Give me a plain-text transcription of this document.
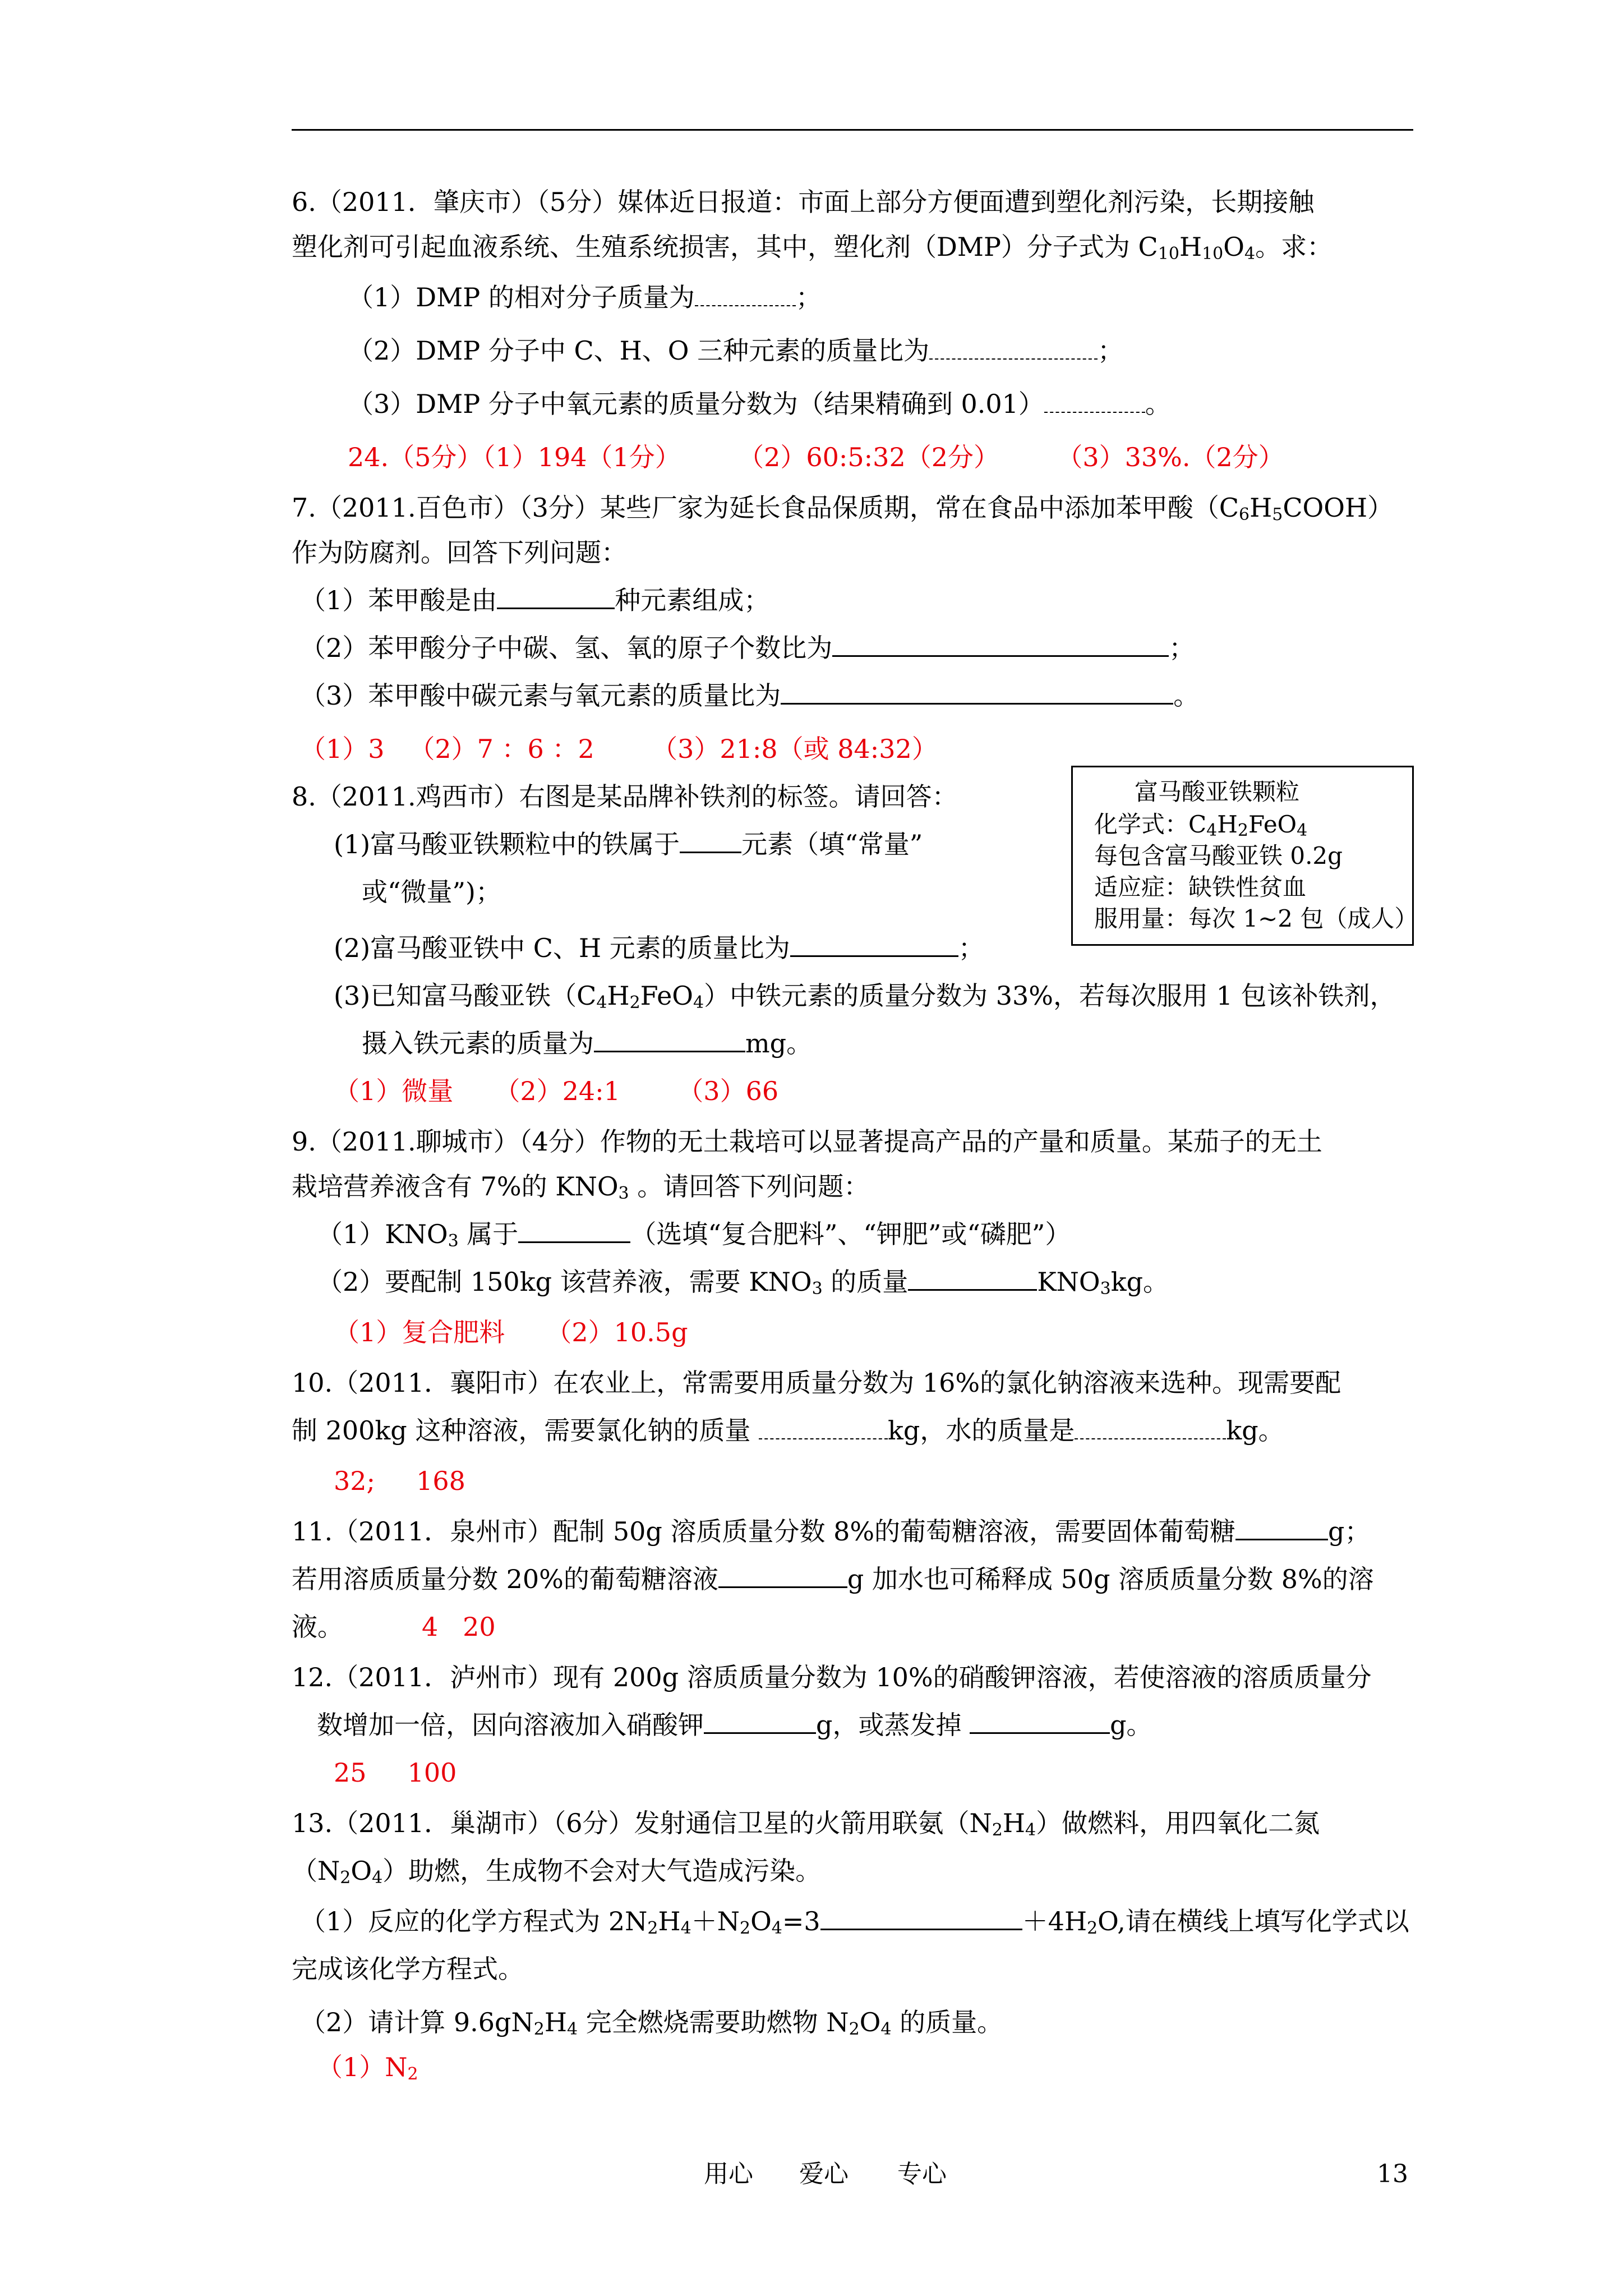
6.（2011．肇庆市）（5分）媒体近日报道：市面上部分方便面遭到塑化剂污染，长期接触
塑化剂可引起血液系统、生殖系统损害，其中，塑化剂（DMP）分子式为 $C_{10}H_{10}O_4$。求：
（1）DMP 的相对分子质量为	；
（2）DMP 分子中 C、H、O 三种元素的质量比为	；
（3）DMP 分子中氧元素的质量分数为（结果精确到 0.01）	。
24.（5分）（1）194（1分）       （2）60:5:32（2分）       （3）33%.（2分）
7.（2011.百色市）（3分）某些厂家为延长食品保质期，常在食品中添加苯甲酸$(C_6H_5COOH)$
作为防腐剂。回答下列问题：
（1）苯甲酸是由	种元素组成；
（2）苯甲酸分子中碳、氢、氧的原子个数比为	；
（3）苯甲酸中碳元素与氧元素的质量比为	。
（1）3   （2）7 ：6 ：2       （3）21:8（或 84:32）
8.（2011.鸡西市）右图是某品牌补铁剂的标签。请回答：
(1)富马酸亚铁颗粒中的铁属于 元素（填“常量”
或“微量”)；
(2)富马酸亚铁中 C、H 元素的质量比为	；
(3)已知富马酸亚铁$(C_4H_2FeO_4)$中铁元素的质量分数为 33%，若每次服用 1 包该补铁剂，
摄入铁元素的质量为	mg。
（1）微量     （2）24:1       （3）66
富马酸亚铁颗粒
化学式：$C_4H_2FeO_4$
每包含富马酸亚铁 0.2g
适应症：缺铁性贫血
服用量：每次 1~2 包（成人）
9.（2011.聊城市）（4分）作物的无土栽培可以显著提高产品的产量和质量。某茄子的无土
栽培营养液含有 7%的 $KNO_3$ 。请回答下列问题：
$(1)KNO_3$ 属于	（选填“复合肥料”、“钾肥”或“磷肥”）
（2）要配制 150kg 该营养液，需要 $KNO_3$ 的质量	$KNO_3kg$。
（1）复合肥料     （2）10.5g
10.（2011．襄阳市）在农业上，常需要用质量分数为 16%的氯化钠溶液来选种。现需要配
制 200kg 这种溶液，需要氯化钠的质量	kg，水的质量是	kg。
32;     168
11.（2011．泉州市）配制 50g 溶质质量分数 8%的葡萄糖溶液，需要固体葡萄糖	g；
若用溶质质量分数 20%的葡萄糖溶液	g 加水也可稀释成 50g 溶质质量分数 8%的溶
液。	4   20
12.（2011．泸州市）现有 200g 溶质质量分数为 10%的硝酸钾溶液，若使溶液的溶质质量分
数增加一倍，因向溶液加入硝酸钾	g，或蒸发掉	g。
25     100
13.（2011．巢湖市）（6分）发射通信卫星的火箭用联氨$(N_2H_4)$做燃料，用四氧化二氮
$(N_2O_4)$助燃，生成物不会对大气造成污染。
（1）反应的化学方程式为 $2N_2H_4+N_2O_4=3$	$+4H_2O$,请在横线上填写化学式以
完成该化学方程式。
（2）请计算 $9.6gN_2H_4$ 完全燃烧需要助燃物 $N_2O_4$ 的质量。
$(1)N_2$
用心 爱心 专心	13
